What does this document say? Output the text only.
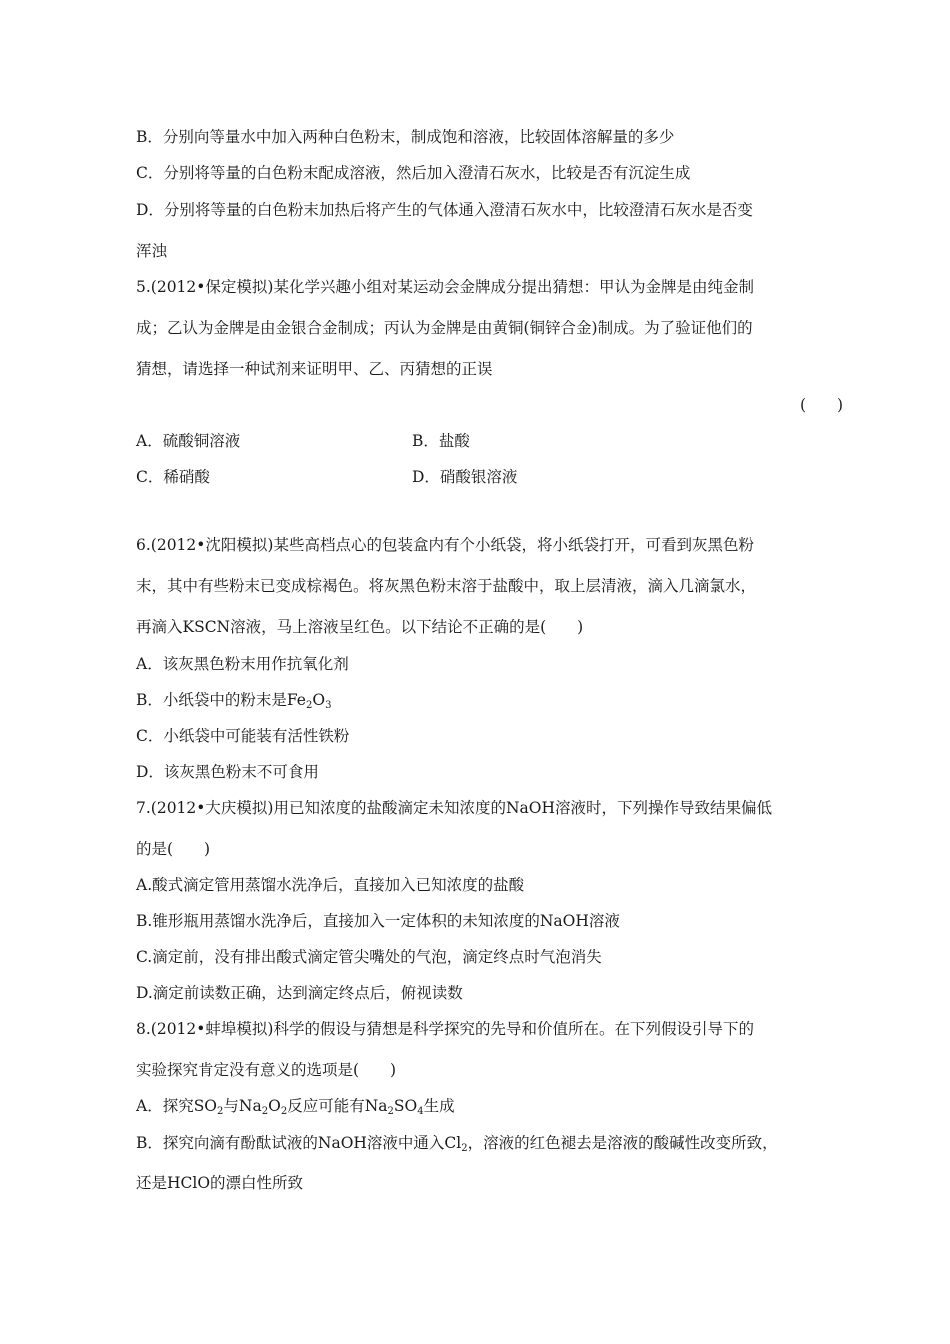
B．分别向等量水中加入两种白色粉末，制成饱和溶液，比较固体溶解量的多少
C．分别将等量的白色粉末配成溶液，然后加入澄清石灰水，比较是否有沉淀生成
D．分别将等量的白色粉末加热后将产生的气体通入澄清石灰水中，比较澄清石灰水是否变
浑浊
5.(2012•保定模拟)某化学兴趣小组对某运动会金牌成分提出猜想：甲认为金牌是由纯金制
成；乙认为金牌是由金银合金制成；丙认为金牌是由黄铜(铜锌合金)制成。为了验证他们的
猜想，请选择一种试剂来证明甲、乙、丙猜想的正误
(　　)
A．硫酸铜溶液	B．盐酸
C．稀硝酸	D．硝酸银溶液
6.(2012•沈阳模拟)某些高档点心的包装盒内有个小纸袋，将小纸袋打开，可看到灰黑色粉
末，其中有些粉末已变成棕褐色。将灰黑色粉末溶于盐酸中，取上层清液，滴入几滴氯水，
再滴入KSCN溶液，马上溶液呈红色。以下结论不正确的是(　　)
A．该灰黑色粉末用作抗氧化剂
B．小纸袋中的粉末是$Fe_2O_3$
C．小纸袋中可能装有活性铁粉
D．该灰黑色粉末不可食用
7.(2012•大庆模拟)用已知浓度的盐酸滴定未知浓度的NaOH溶液时，下列操作导致结果偏低
的是(　　)
A.酸式滴定管用蒸馏水洗净后，直接加入已知浓度的盐酸
B.锥形瓶用蒸馏水洗净后，直接加入一定体积的未知浓度的NaOH溶液
C.滴定前，没有排出酸式滴定管尖嘴处的气泡，滴定终点时气泡消失
D.滴定前读数正确，达到滴定终点后，俯视读数
8.(2012•蚌埠模拟)科学的假设与猜想是科学探究的先导和价值所在。在下列假设引导下的
实验探究肯定没有意义的选项是(　　)
A．探究$SO_2$与$Na_2O_2$反应可能有$Na_2SO_4$生成
B．探究向滴有酚酞试液的NaOH溶液中通入$Cl_2$，溶液的红色褪去是溶液的酸碱性改变所致，
还是HClO的漂白性所致
